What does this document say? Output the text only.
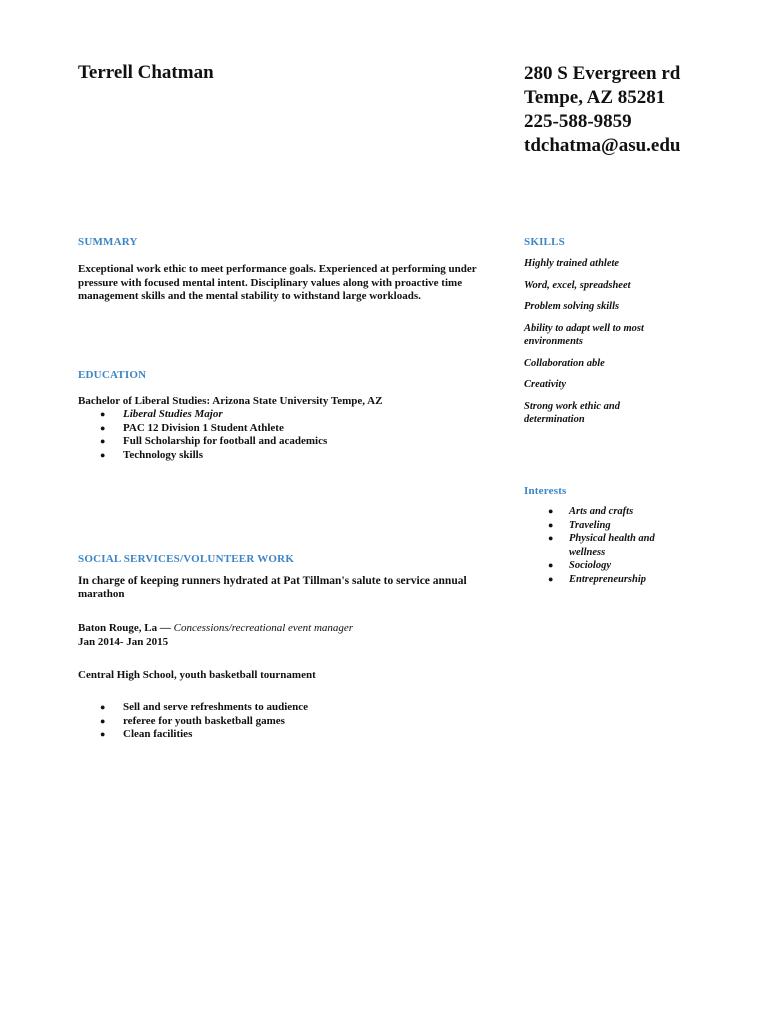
Terrell Chatman	280 S Evergreen rd
Tempe, AZ 85281
225-588-9859
tdchatma@asu.edu
SUMMARY
Exceptional work ethic to meet performance goals. Experienced at performing under pressure with focused mental intent. Disciplinary values along with proactive time management skills and the mental stability to withstand large workloads.
EDUCATION
Bachelor of Liberal Studies: Arizona State University Tempe, AZ
● Liberal Studies Major
● PAC 12 Division 1 Student Athlete
● Full Scholarship for football and academics
● Technology skills
SOCIAL SERVICES/VOLUNTEER WORK
In charge of keeping runners hydrated at Pat Tillman's salute to service annual
marathon
Baton Rouge, La — Concessions/recreational event manager
Jan 2014- Jan 2015
Central High School, youth basketball tournament
● Sell and serve refreshments to audience
● referee for youth basketball games
● Clean facilities
SKILLS
Highly trained athlete
Word, excel, spreadsheet
Problem solving skills
Ability to adapt well to most environments
Collaboration able
Creativity
Strong work ethic and determination
Interests
● Arts and crafts
● Traveling
● Physical health and wellness
● Sociology
● Entrepreneurship
